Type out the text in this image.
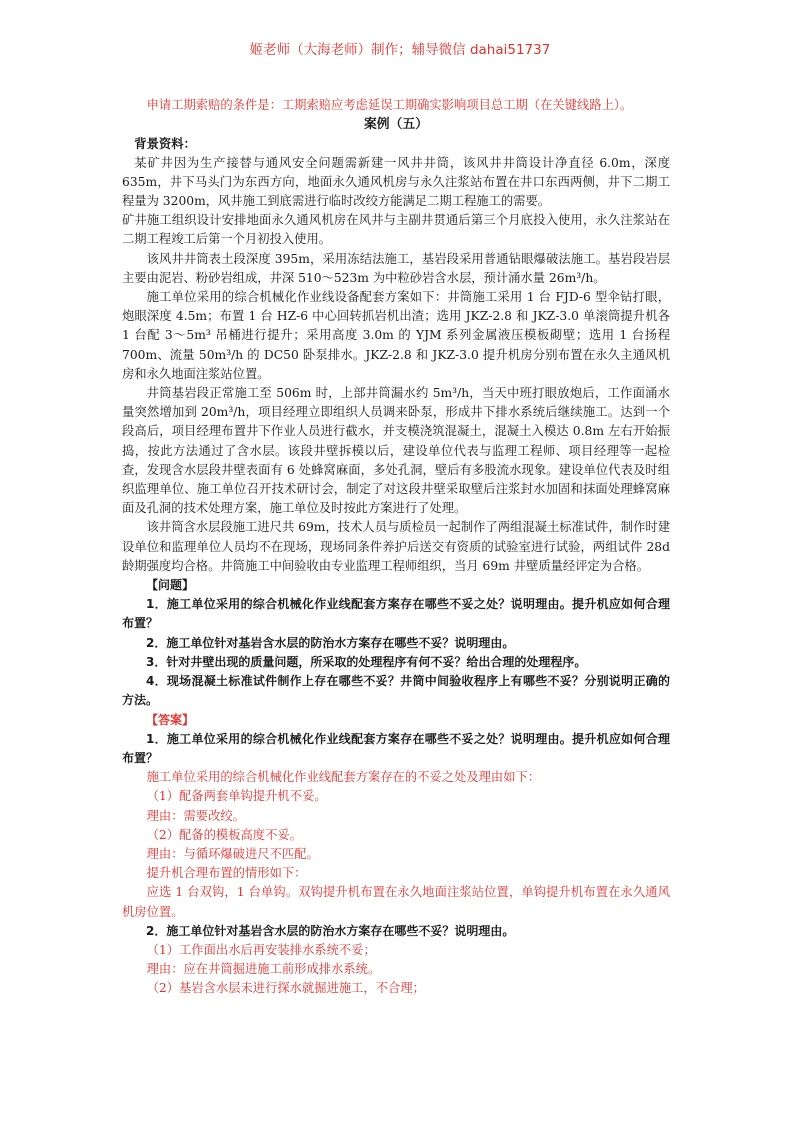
姬老师（大海老师）制作；辅导微信 dahai51737

申请工期索赔的条件是：工期索赔应考虑延误工期确实影响项目总工期（在关键线路上）。

案例（五）

背景资料：

某矿井因为生产接替与通风安全问题需新建一风井井筒，该风井井筒设计净直径 6.0m，深度 635m，井下马头门为东西方向，地面永久通风机房与永久注浆站布置在井口东西两侧，井下二期工程量为 3200m，风井施工到底需进行临时改绞方能满足二期工程施工的需要。

矿井施工组织设计安排地面永久通风机房在风井与主副井贯通后第三个月底投入使用，永久注浆站在二期工程竣工后第一个月初投入使用。

该风井井筒表土段深度 395m，采用冻结法施工，基岩段采用普通钻眼爆破法施工。基岩段岩层主要由泥岩、粉砂岩组成，井深 510～523m 为中粒砂岩含水层，预计涌水量 26m³/h。

施工单位采用的综合机械化作业线设备配套方案如下：井筒施工采用 1 台 FJD-6 型伞钻打眼，炮眼深度 4.5m；布置 1 台 HZ-6 中心回转抓岩机出渣；选用 JKZ-2.8 和 JKZ-3.0 单滚筒提升机各 1 台配 3～5m³ 吊桶进行提升；采用高度 3.0m 的 YJM 系列金属液压模板砌壁；选用 1 台扬程 700m、流量 50m³/h 的 DC50 卧泵排水。JKZ-2.8 和 JKZ-3.0 提升机房分别布置在永久主通风机房和永久地面注浆站位置。

井筒基岩段正常施工至 506m 时，上部井筒漏水约 5m³/h，当天中班打眼放炮后，工作面涌水量突然增加到 20m³/h，项目经理立即组织人员调来卧泵，形成井下排水系统后继续施工。达到一个段高后，项目经理布置井下作业人员进行截水，并支模浇筑混凝土，混凝土入模达 0.8m 左右开始振捣，按此方法通过了含水层。该段井壁拆模以后，建设单位代表与监理工程师、项目经理等一起检查，发现含水层段井壁表面有 6 处蜂窝麻面，多处孔洞，壁后有多股流水现象。建设单位代表及时组织监理单位、施工单位召开技术研讨会，制定了对这段井壁采取壁后注浆封水加固和抹面处理蜂窝麻面及孔洞的技术处理方案，施工单位及时按此方案进行了处理。

该井筒含水层段施工进尺共 69m，技术人员与质检员一起制作了两组混凝土标准试件，制作时建设单位和监理单位人员均不在现场，现场同条件养护后送交有资质的试验室进行试验，两组试件 28d 龄期强度均合格。井筒施工中间验收由专业监理工程师组织，当月 69m 井壁质量经评定为合格。

【问题】

1．施工单位采用的综合机械化作业线配套方案存在哪些不妥之处？说明理由。提升机应如何合理布置？

2．施工单位针对基岩含水层的防治水方案存在哪些不妥？说明理由。

3．针对井壁出现的质量问题，所采取的处理程序有何不妥？给出合理的处理程序。

4．现场混凝土标准试件制作上存在哪些不妥？井筒中间验收程序上有哪些不妥？分别说明正确的方法。

【答案】

1．施工单位采用的综合机械化作业线配套方案存在哪些不妥之处？说明理由。提升机应如何合理布置？

施工单位采用的综合机械化作业线配套方案存在的不妥之处及理由如下：

（1）配备两套单钩提升机不妥。

理由：需要改绞。

（2）配备的模板高度不妥。

理由：与循环爆破进尺不匹配。

提升机合理布置的情形如下：

应选 1 台双钩，1 台单钩。双钩提升机布置在永久地面注浆站位置，单钩提升机布置在永久通风机房位置。

2．施工单位针对基岩含水层的防治水方案存在哪些不妥？说明理由。

（1）工作面出水后再安装排水系统不妥；

理由：应在井筒掘进施工前形成排水系统。

（2）基岩含水层未进行探水就掘进施工，不合理；
